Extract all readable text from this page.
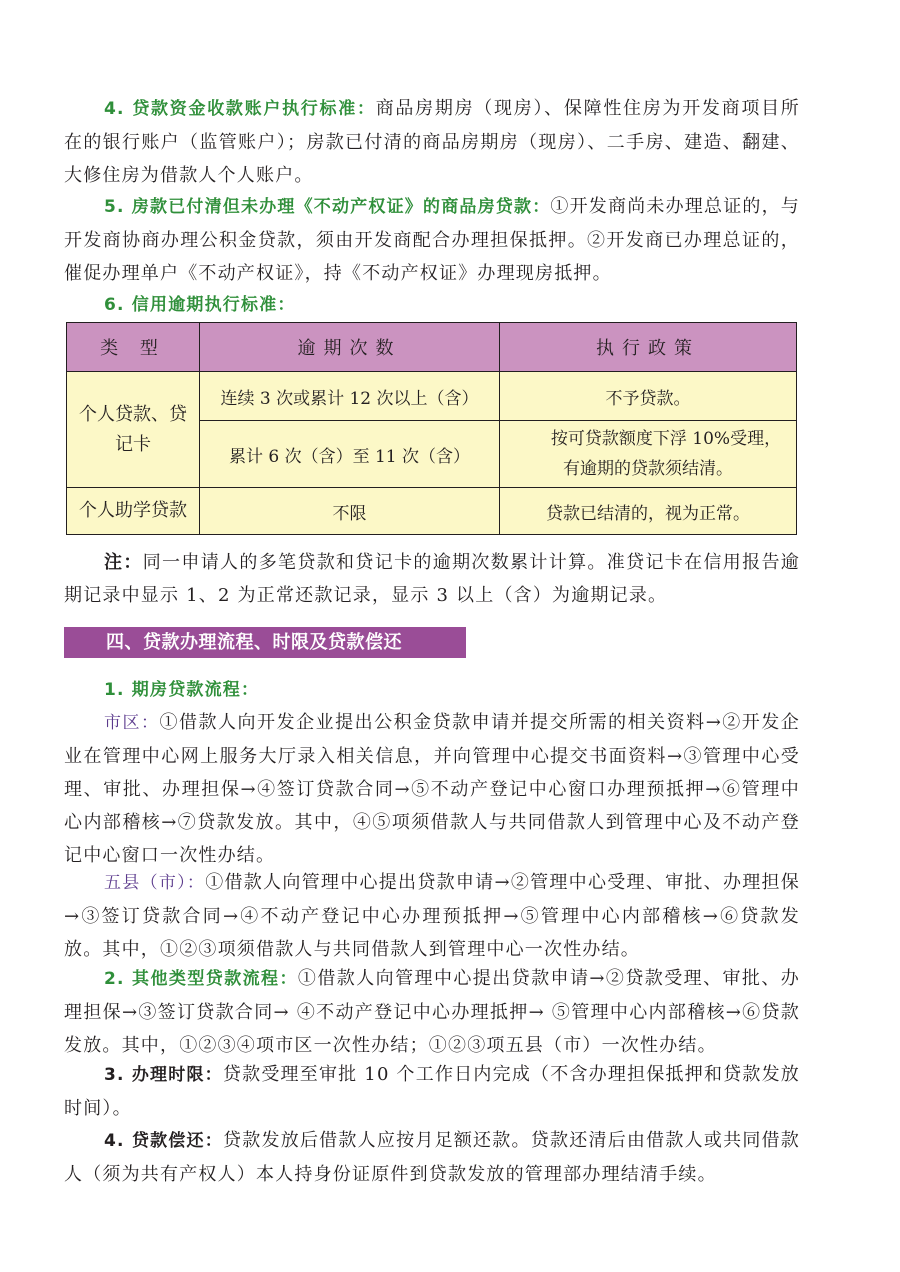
4. 贷款资金收款账户执行标准：商品房期房（现房）、保障性住房为开发商项目所在的银行账户（监管账户）；房款已付清的商品房期房（现房）、二手房、建造、翻建、大修住房为借款人个人账户。

5. 房款已付清但未办理《不动产权证》的商品房贷款：①开发商尚未办理总证的，与开发商协商办理公积金贷款，须由开发商配合办理担保抵押。②开发商已办理总证的，催促办理单户《不动产权证》，持《不动产权证》办理现房抵押。

6. 信用逾期执行标准：

类 型	逾期次数	执行政策
个人贷款、贷记卡	连续 3 次或累计 12 次以上（含）	不予贷款。
	累计 6 次（含）至 11 次（含）	按可贷款额度下浮 10%受理，有逾期的贷款须结清。
个人助学贷款	不限	贷款已结清的，视为正常。

注：同一申请人的多笔贷款和贷记卡的逾期次数累计计算。准贷记卡在信用报告逾期记录中显示 1、2 为正常还款记录，显示 3 以上（含）为逾期记录。

四、贷款办理流程、时限及贷款偿还

1. 期房贷款流程：

市区：①借款人向开发企业提出公积金贷款申请并提交所需的相关资料→②开发企业在管理中心网上服务大厅录入相关信息，并向管理中心提交书面资料→③管理中心受理、审批、办理担保→④签订贷款合同→⑤不动产登记中心窗口办理预抵押→⑥管理中心内部稽核→⑦贷款发放。其中，④⑤项须借款人与共同借款人到管理中心及不动产登记中心窗口一次性办结。

五县（市）：①借款人向管理中心提出贷款申请→②管理中心受理、审批、办理担保→③签订贷款合同→④不动产登记中心办理预抵押→⑤管理中心内部稽核→⑥贷款发放。其中，①②③项须借款人与共同借款人到管理中心一次性办结。

2. 其他类型贷款流程：①借款人向管理中心提出贷款申请→②贷款受理、审批、办理担保→③签订贷款合同→ ④不动产登记中心办理抵押→ ⑤管理中心内部稽核→⑥贷款发放。其中，①②③④项市区一次性办结；①②③项五县（市）一次性办结。

3. 办理时限：贷款受理至审批 10 个工作日内完成（不含办理担保抵押和贷款发放时间）。

4. 贷款偿还：贷款发放后借款人应按月足额还款。贷款还清后由借款人或共同借款人（须为共有产权人）本人持身份证原件到贷款发放的管理部办理结清手续。
